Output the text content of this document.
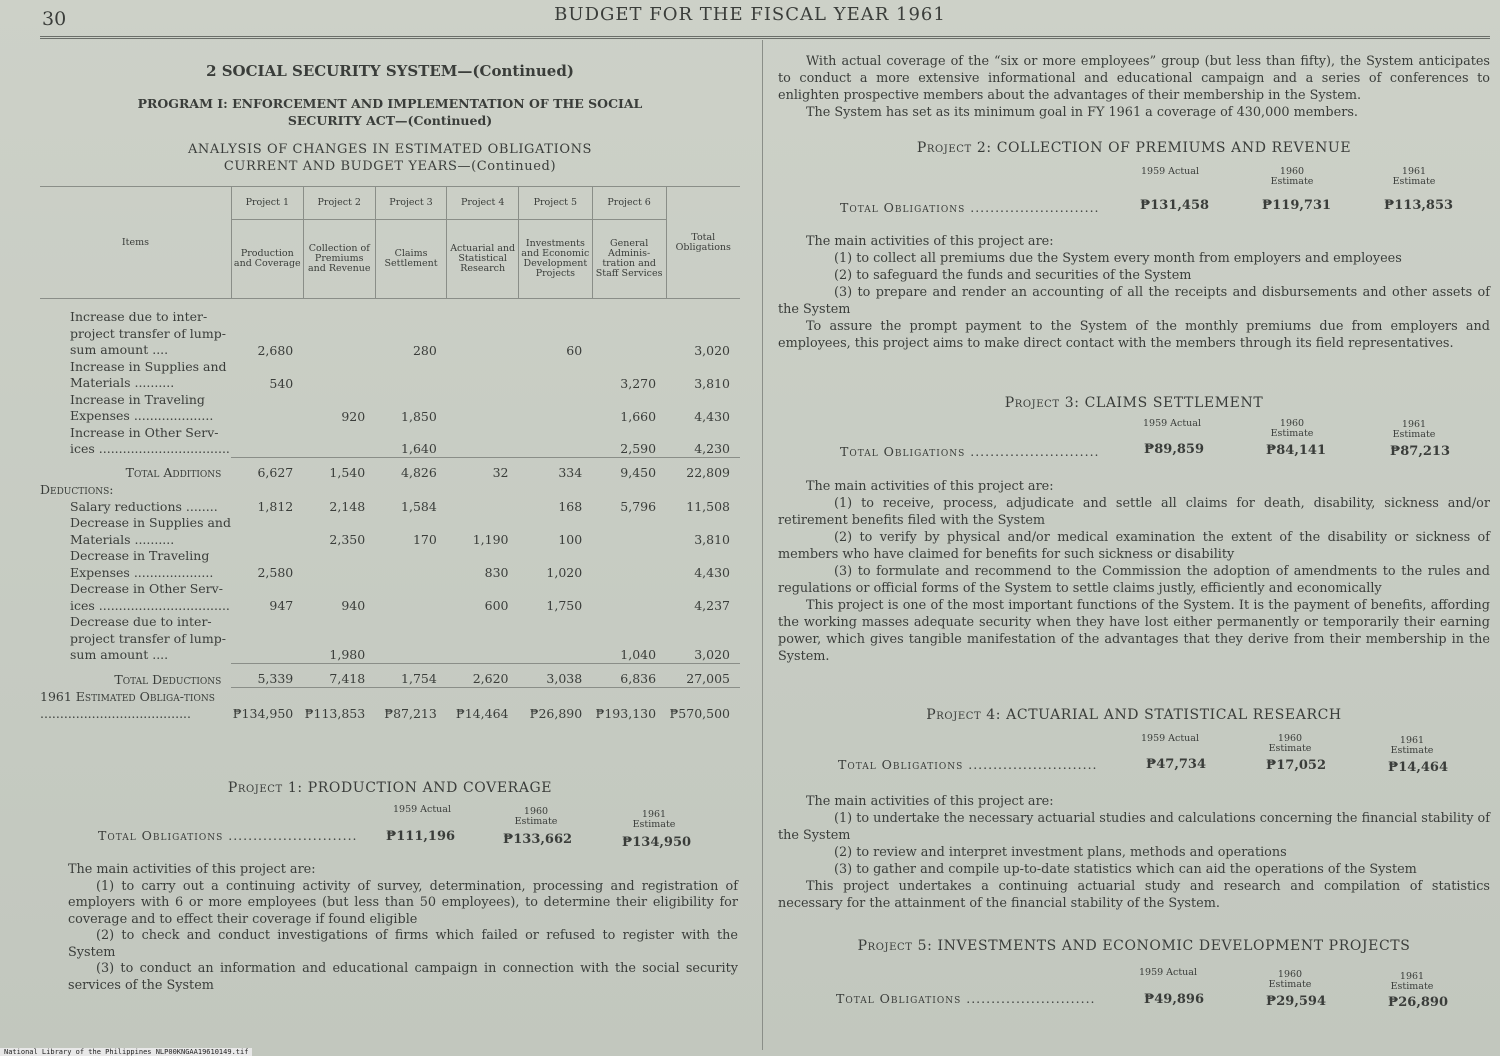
30	BUDGET FOR THE FISCAL YEAR 1961
2 SOCIAL SECURITY SYSTEM—(Continued)
PROGRAM I: ENFORCEMENT AND IMPLEMENTATION OF THE SOCIAL
SECURITY ACT—(Continued)
ANALYSIS OF CHANGES IN ESTIMATED OBLIGATIONS
CURRENT AND BUDGET YEARS—(Continued)
Items	Project 1	Project 2	Project 3	Project 4	Project 5	Project 6	Total Obligations
	Production and Coverage	Collection of Premiums and Revenue	Claims Settlement	Actuarial and Statistical Research	Investments and Economic Development Projects	General Adminis-tration and Staff Services	
Increase due to inter-project transfer of lump-sum amount ....	2,680		280		60		3,020
Increase in Supplies and Materials ..........	540					3,270	3,810
Increase in Traveling Expenses ....................		920	1,850			1,660	4,430
Increase in Other Serv-ices .................................			1,640			2,590	4,230
Total Additions	6,627	1,540	4,826	32	334	9,450	22,809
Deductions:							
Salary reductions ........	1,812	2,148	1,584		168	5,796	11,508
Decrease in Supplies and Materials ..........		2,350	170	1,190	100		3,810
Decrease in Traveling Expenses ....................	2,580			830	1,020		4,430
Decrease in Other Serv-ices .................................	947	940		600	1,750		4,237
Decrease due to inter-project transfer of lump-sum amount ....		1,980				1,040	3,020
Total Deductions	5,339	7,418	1,754	2,620	3,038	6,836	27,005
1961 Estimated Obliga-tions ......................................	₱134,950	₱113,853	₱87,213	₱14,464	₱26,890	₱193,130	₱570,500
Project 1: PRODUCTION AND COVERAGE
1959 Actual	1960 Estimate
1961 Estimate
Total Obligations .......................... ₱111,196	₱133,662	₱134,950

The main activities of this project are:

(1) to carry out a continuing activity of survey, determination, processing and registration of employers with 6 or more employees (but less than 50 employees), to determine their eligibility for coverage and to effect their coverage if found eligible

(2) to check and conduct investigations of firms which failed or refused to register with the System

(3) to conduct an information and educational campaign in connection with the social security services of the System

With actual coverage of the “six or more employees” group (but less than fifty), the System anticipates to conduct a more extensive informational and educational campaign and a series of conferences to enlighten prospective members about the advantages of their membership in the System.

The System has set as its minimum goal in FY 1961 a coverage of 430,000 members.

Project 2: COLLECTION OF PREMIUMS AND REVENUE
1959 Actual	1960 Estimate
1961 Estimate
Total Obligations ..........................	₱131,458	₱119,731	₱113,853

The main activities of this project are:

(1) to collect all premiums due the System every month from employers and employees

(2) to safeguard the funds and securities of the System

(3) to prepare and render an accounting of all the receipts and disbursements and other assets of the System

To assure the prompt payment to the System of the monthly premiums due from employers and employees, this project aims to make direct contact with the members through its field representatives.

Project 3: CLAIMS SETTLEMENT
1959 Actual	1960 Estimate
1961 Estimate
Total Obligations ..........................	₱89,859	₱84,141	₱87,213

The main activities of this project are:

(1) to receive, process, adjudicate and settle all claims for death, disability, sickness and/or retirement benefits filed with the System

(2) to verify by physical and/or medical examination the extent of the disability or sickness of members who have claimed for benefits for such sickness or disability

(3) to formulate and recommend to the Commission the adoption of amendments to the rules and regulations or official forms of the System to settle claims justly, efficiently and economically

This project is one of the most important functions of the System. It is the payment of benefits, affording the working masses adequate security when they have lost either permanently or temporarily their earning power, which gives tangible manifestation of the advantages that they derive from their membership in the System.

Project 4: ACTUARIAL AND STATISTICAL RESEARCH
1959 Actual	1960 Estimate
1961 Estimate
Total Obligations ..........................	₱47,734	₱17,052	₱14,464

The main activities of this project are:

(1) to undertake the necessary actuarial studies and calculations concerning the financial stability of the System

(2) to review and interpret investment plans, methods and operations

(3) to gather and compile up-to-date statistics which can aid the operations of the System

This project undertakes a continuing actuarial study and research and compilation of statistics necessary for the attainment of the financial stability of the System.

Project 5: INVESTMENTS AND ECONOMIC DEVELOPMENT PROJECTS
1959 Actual	1960 Estimate
1961 Estimate
Total Obligations ..........................	₱49,896	₱29,594	₱26,890
National Library of the Philippines NLP00KNGAA19610149.tif
